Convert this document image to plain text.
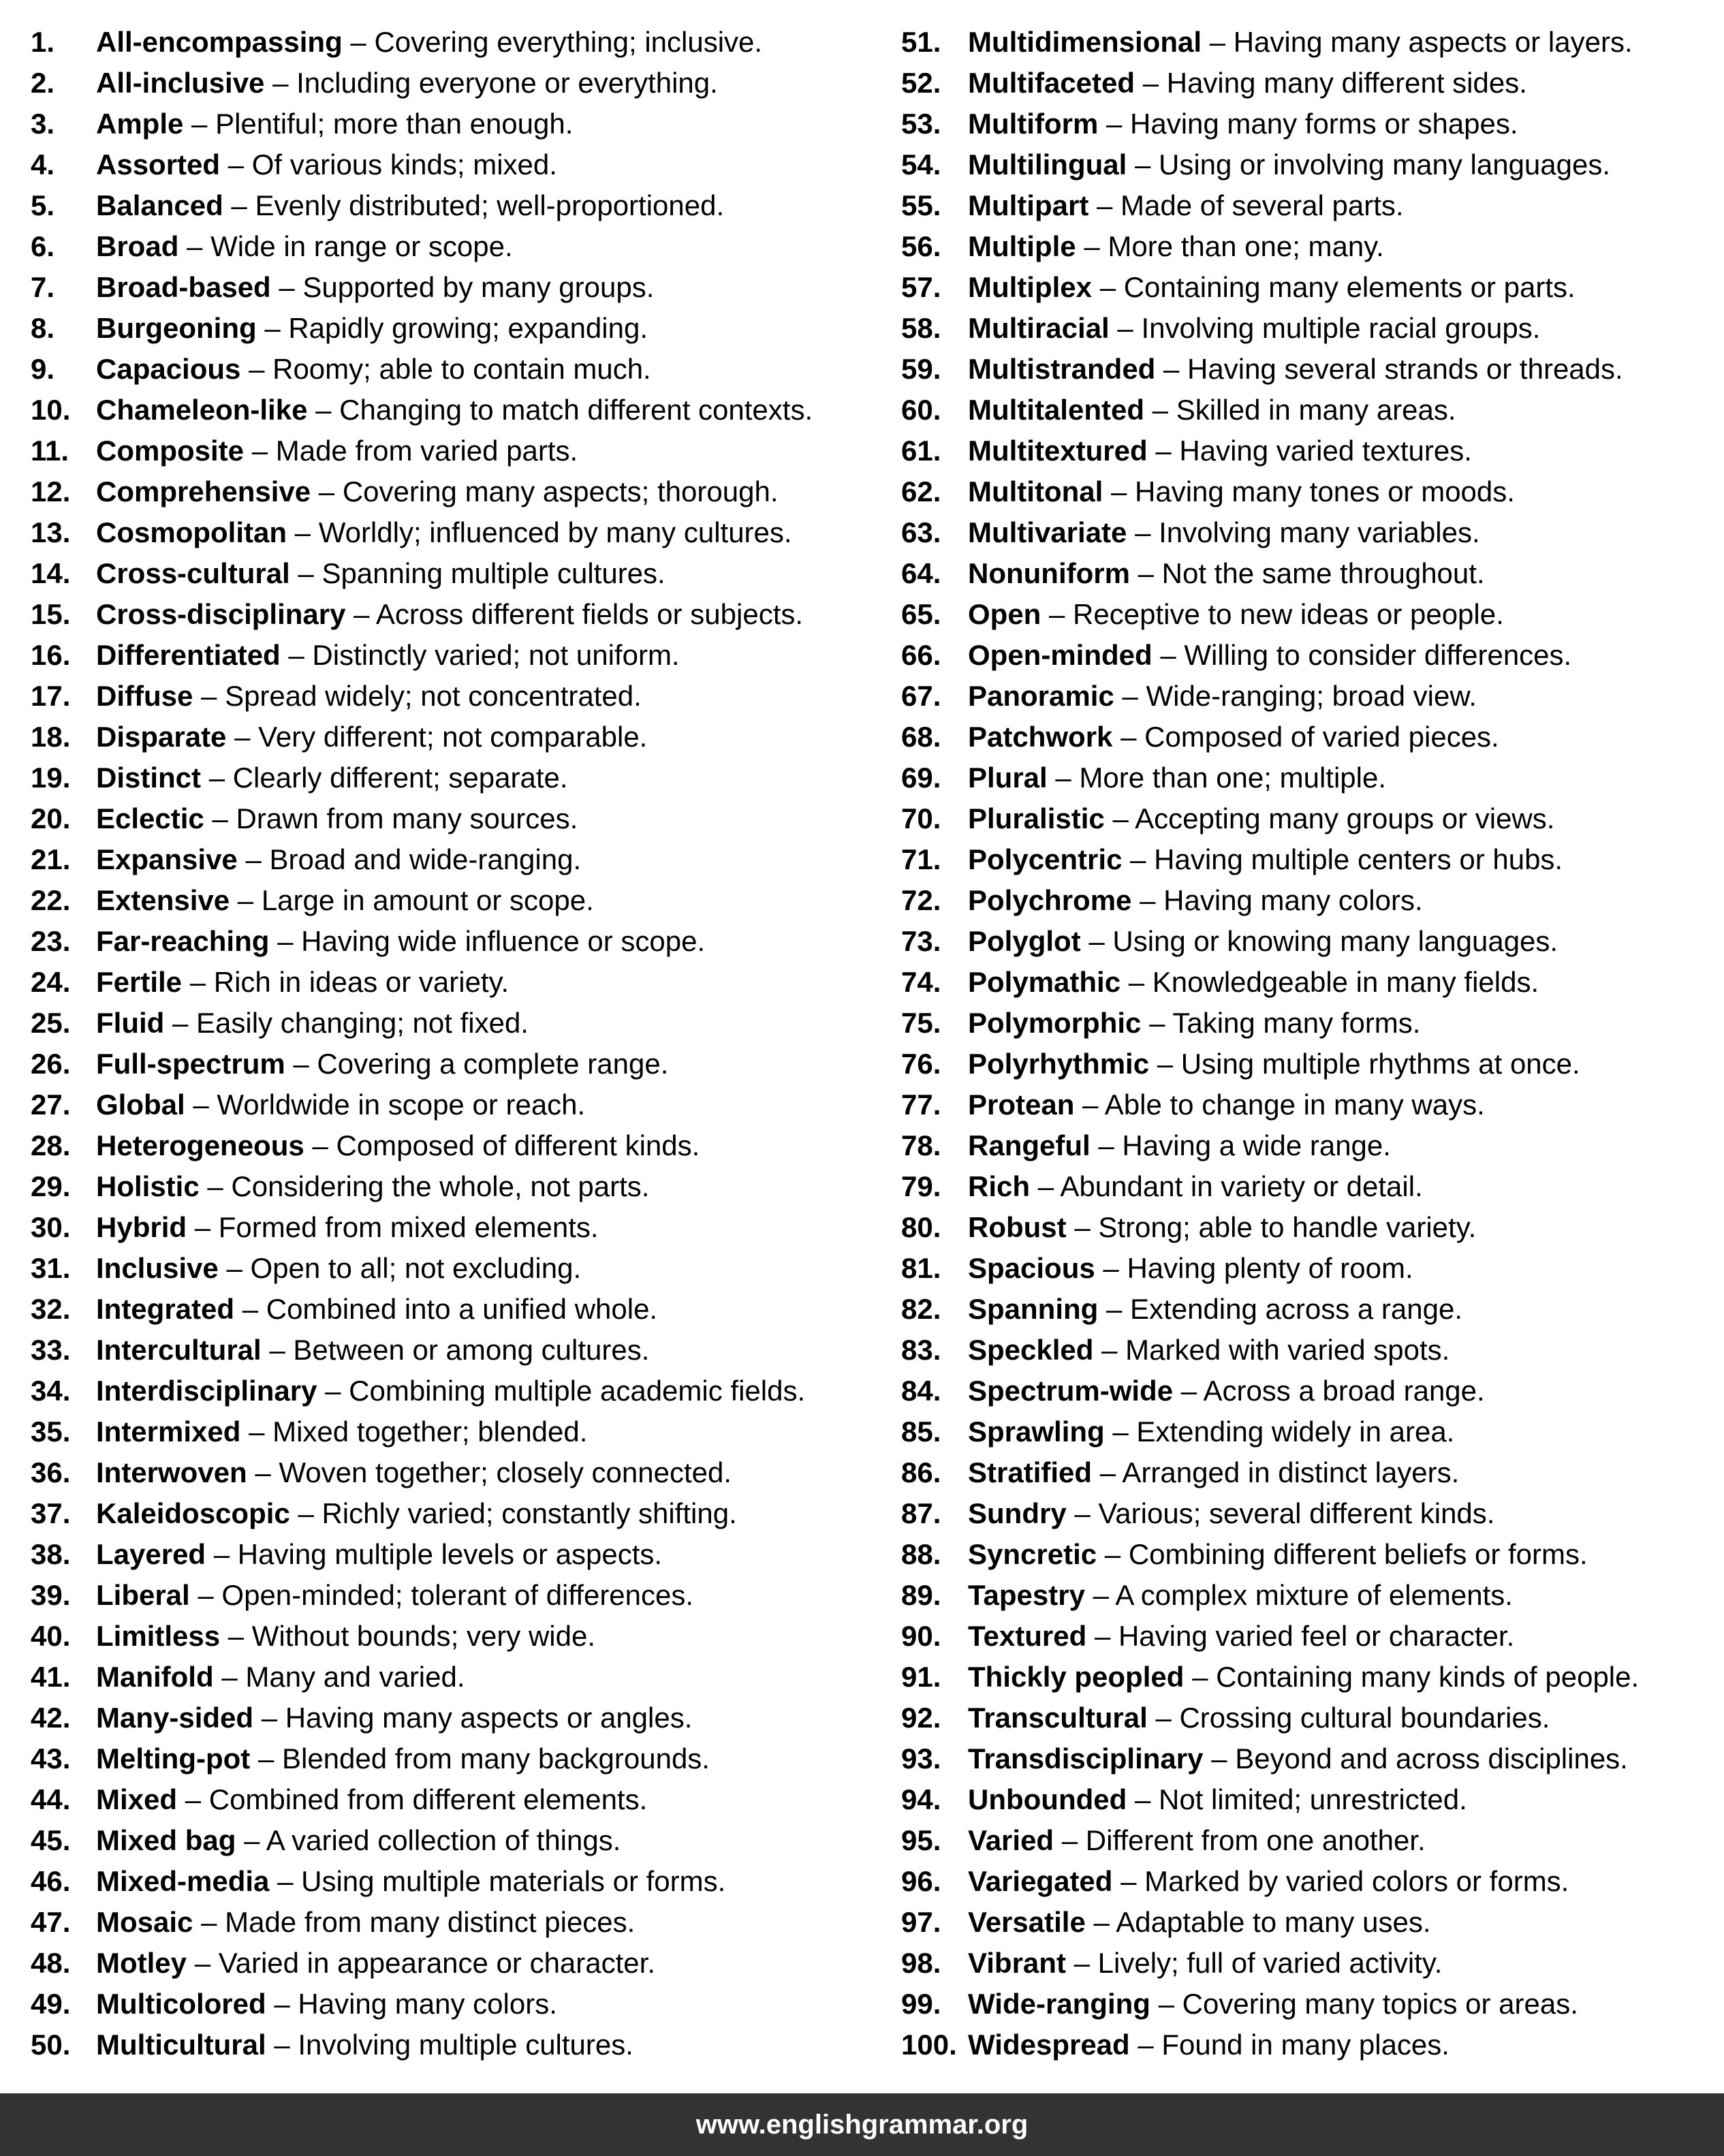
1. All-encompassing – Covering everything; inclusive.
2. All-inclusive – Including everyone or everything.
3. Ample – Plentiful; more than enough.
4. Assorted – Of various kinds; mixed.
5. Balanced – Evenly distributed; well-proportioned.
6. Broad – Wide in range or scope.
7. Broad-based – Supported by many groups.
8. Burgeoning – Rapidly growing; expanding.
9. Capacious – Roomy; able to contain much.
10. Chameleon-like – Changing to match different contexts.
11. Composite – Made from varied parts.
12. Comprehensive – Covering many aspects; thorough.
13. Cosmopolitan – Worldly; influenced by many cultures.
14. Cross-cultural – Spanning multiple cultures.
15. Cross-disciplinary – Across different fields or subjects.
16. Differentiated – Distinctly varied; not uniform.
17. Diffuse – Spread widely; not concentrated.
18. Disparate – Very different; not comparable.
19. Distinct – Clearly different; separate.
20. Eclectic – Drawn from many sources.
21. Expansive – Broad and wide-ranging.
22. Extensive – Large in amount or scope.
23. Far-reaching – Having wide influence or scope.
24. Fertile – Rich in ideas or variety.
25. Fluid – Easily changing; not fixed.
26. Full-spectrum – Covering a complete range.
27. Global – Worldwide in scope or reach.
28. Heterogeneous – Composed of different kinds.
29. Holistic – Considering the whole, not parts.
30. Hybrid – Formed from mixed elements.
31. Inclusive – Open to all; not excluding.
32. Integrated – Combined into a unified whole.
33. Intercultural – Between or among cultures.
34. Interdisciplinary – Combining multiple academic fields.
35. Intermixed – Mixed together; blended.
36. Interwoven – Woven together; closely connected.
37. Kaleidoscopic – Richly varied; constantly shifting.
38. Layered – Having multiple levels or aspects.
39. Liberal – Open-minded; tolerant of differences.
40. Limitless – Without bounds; very wide.
41. Manifold – Many and varied.
42. Many-sided – Having many aspects or angles.
43. Melting-pot – Blended from many backgrounds.
44. Mixed – Combined from different elements.
45. Mixed bag – A varied collection of things.
46. Mixed-media – Using multiple materials or forms.
47. Mosaic – Made from many distinct pieces.
48. Motley – Varied in appearance or character.
49. Multicolored – Having many colors.
50. Multicultural – Involving multiple cultures.
51. Multidimensional – Having many aspects or layers.
52. Multifaceted – Having many different sides.
53. Multiform – Having many forms or shapes.
54. Multilingual – Using or involving many languages.
55. Multipart – Made of several parts.
56. Multiple – More than one; many.
57. Multiplex – Containing many elements or parts.
58. Multiracial – Involving multiple racial groups.
59. Multistranded – Having several strands or threads.
60. Multitalented – Skilled in many areas.
61. Multitextured – Having varied textures.
62. Multitonal – Having many tones or moods.
63. Multivariate – Involving many variables.
64. Nonuniform – Not the same throughout.
65. Open – Receptive to new ideas or people.
66. Open-minded – Willing to consider differences.
67. Panoramic – Wide-ranging; broad view.
68. Patchwork – Composed of varied pieces.
69. Plural – More than one; multiple.
70. Pluralistic – Accepting many groups or views.
71. Polycentric – Having multiple centers or hubs.
72. Polychrome – Having many colors.
73. Polyglot – Using or knowing many languages.
74. Polymathic – Knowledgeable in many fields.
75. Polymorphic – Taking many forms.
76. Polyrhythmic – Using multiple rhythms at once.
77. Protean – Able to change in many ways.
78. Rangeful – Having a wide range.
79. Rich – Abundant in variety or detail.
80. Robust – Strong; able to handle variety.
81. Spacious – Having plenty of room.
82. Spanning – Extending across a range.
83. Speckled – Marked with varied spots.
84. Spectrum-wide – Across a broad range.
85. Sprawling – Extending widely in area.
86. Stratified – Arranged in distinct layers.
87. Sundry – Various; several different kinds.
88. Syncretic – Combining different beliefs or forms.
89. Tapestry – A complex mixture of elements.
90. Textured – Having varied feel or character.
91. Thickly peopled – Containing many kinds of people.
92. Transcultural – Crossing cultural boundaries.
93. Transdisciplinary – Beyond and across disciplines.
94. Unbounded – Not limited; unrestricted.
95. Varied – Different from one another.
96. Variegated – Marked by varied colors or forms.
97. Versatile – Adaptable to many uses.
98. Vibrant – Lively; full of varied activity.
99. Wide-ranging – Covering many topics or areas.
100. Widespread – Found in many places.
www.englishgrammar.org
